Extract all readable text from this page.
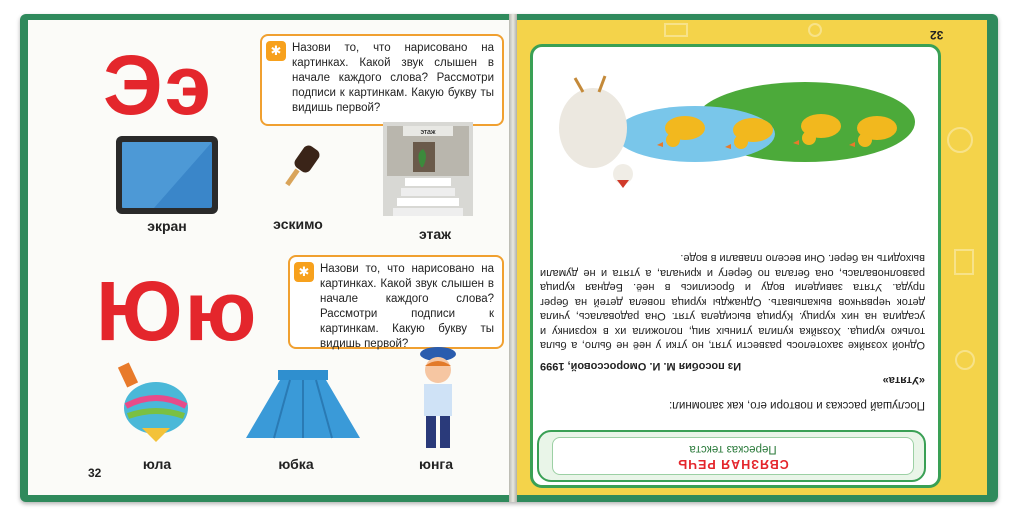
Ээ	✱ Назови то, что нарисовано на картинках. Какой звук слышен в начале каждого слова? Рассмотри подписи к картинкам. Какую букву ты видишь первой?
этаж
экран	эскимо
этаж
Юю	✱ Назови то, что нарисовано на картинках. Какой звук слышен в начале каждого слова? Рассмотри подписи к картинкам. Какую букву ты видишь первой?
юла	юбка	юнга
32
32

Послушай рассказ и повтори его, как запомнил:

«Утята»

Из пособия М. И. Оморoccoвой, 1999

Одной хозяйке захотелось развести утят, но утки у неё не было, а была только курица. Хозяйка купила утиных яиц, положила их в корзинку и усадила на них курицу. Курица высидела утят. Она радовалась, учила деток червячков выкапывать. Однажды курица повела детей на берег пруда. Утята завидели воду и бросились в неё. Бедная курица разволновалась, она бегала по берегу и кричала, а утята и не думали выходить на берег. Они весело плавали в воде.

СВЯЗНАЯ РЕЧЬ
Пересказ текста
